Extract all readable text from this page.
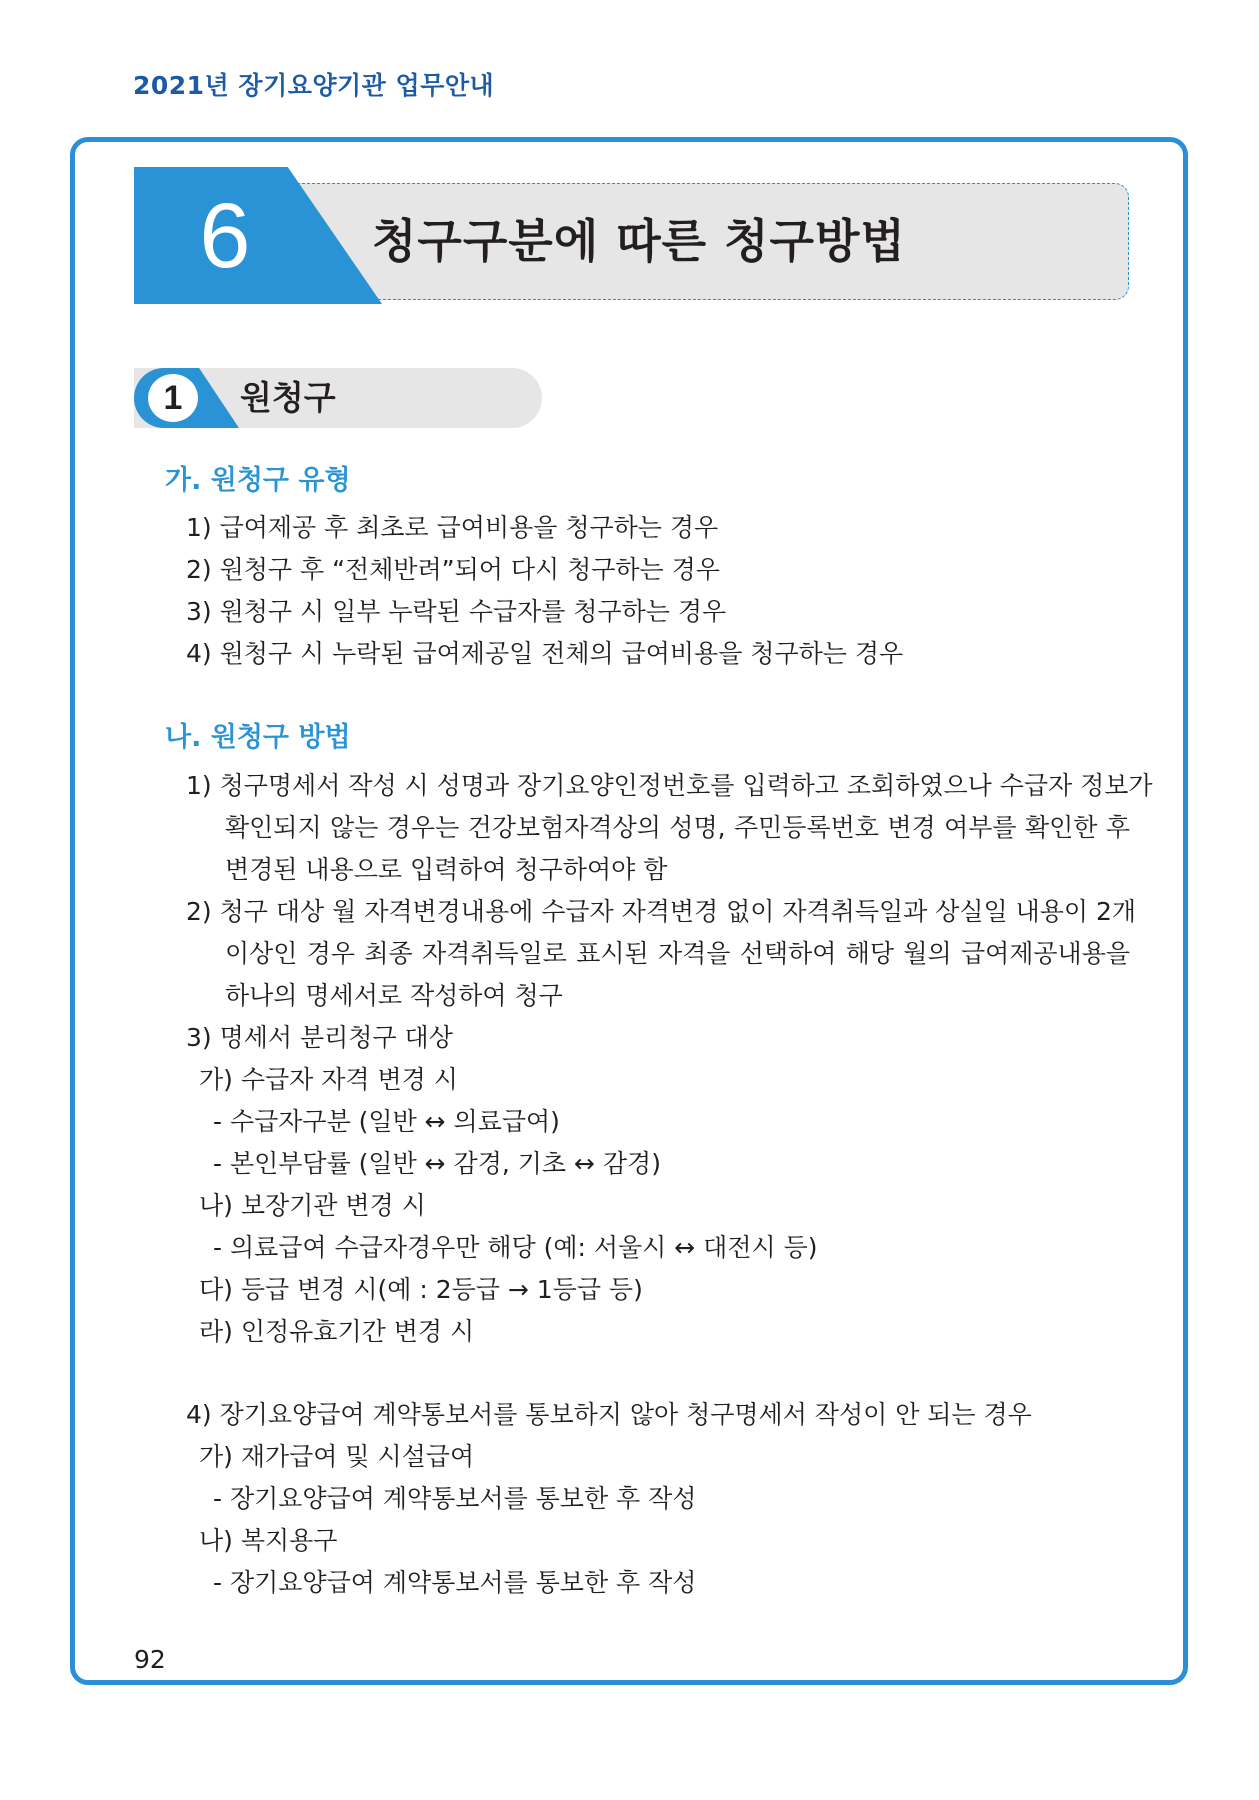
2021년 장기요양기관 업무안내
6	청구구분에 따른 청구방법
1	원청구
가. 원청구 유형
1) 급여제공 후 최초로 급여비용을 청구하는 경우
2) 원청구 후 “전체반려”되어 다시 청구하는 경우
3) 원청구 시 일부 누락된 수급자를 청구하는 경우
4) 원청구 시 누락된 급여제공일 전체의 급여비용을 청구하는 경우
나. 원청구 방법
1) 청구명세서 작성 시 성명과 장기요양인정번호를 입력하고 조회하였으나 수급자 정보가
확인되지 않는 경우는 건강보험자격상의 성명, 주민등록번호 변경 여부를 확인한 후
변경된 내용으로 입력하여 청구하여야 함
2) 청구 대상 월 자격변경내용에 수급자 자격변경 없이 자격취득일과 상실일 내용이 2개
이상인 경우 최종 자격취득일로 표시된 자격을 선택하여 해당 월의 급여제공내용을
하나의 명세서로 작성하여 청구
3) 명세서 분리청구 대상
가) 수급자 자격 변경 시
- 수급자구분 (일반 ↔ 의료급여)
- 본인부담률 (일반 ↔ 감경, 기초 ↔ 감경)
나) 보장기관 변경 시
- 의료급여 수급자경우만 해당 (예: 서울시 ↔ 대전시 등)
다) 등급 변경 시(예 : 2등급 → 1등급 등)
라) 인정유효기간 변경 시
4) 장기요양급여 계약통보서를 통보하지 않아 청구명세서 작성이 안 되는 경우
가) 재가급여 및 시설급여
- 장기요양급여 계약통보서를 통보한 후 작성
나) 복지용구
- 장기요양급여 계약통보서를 통보한 후 작성
92
